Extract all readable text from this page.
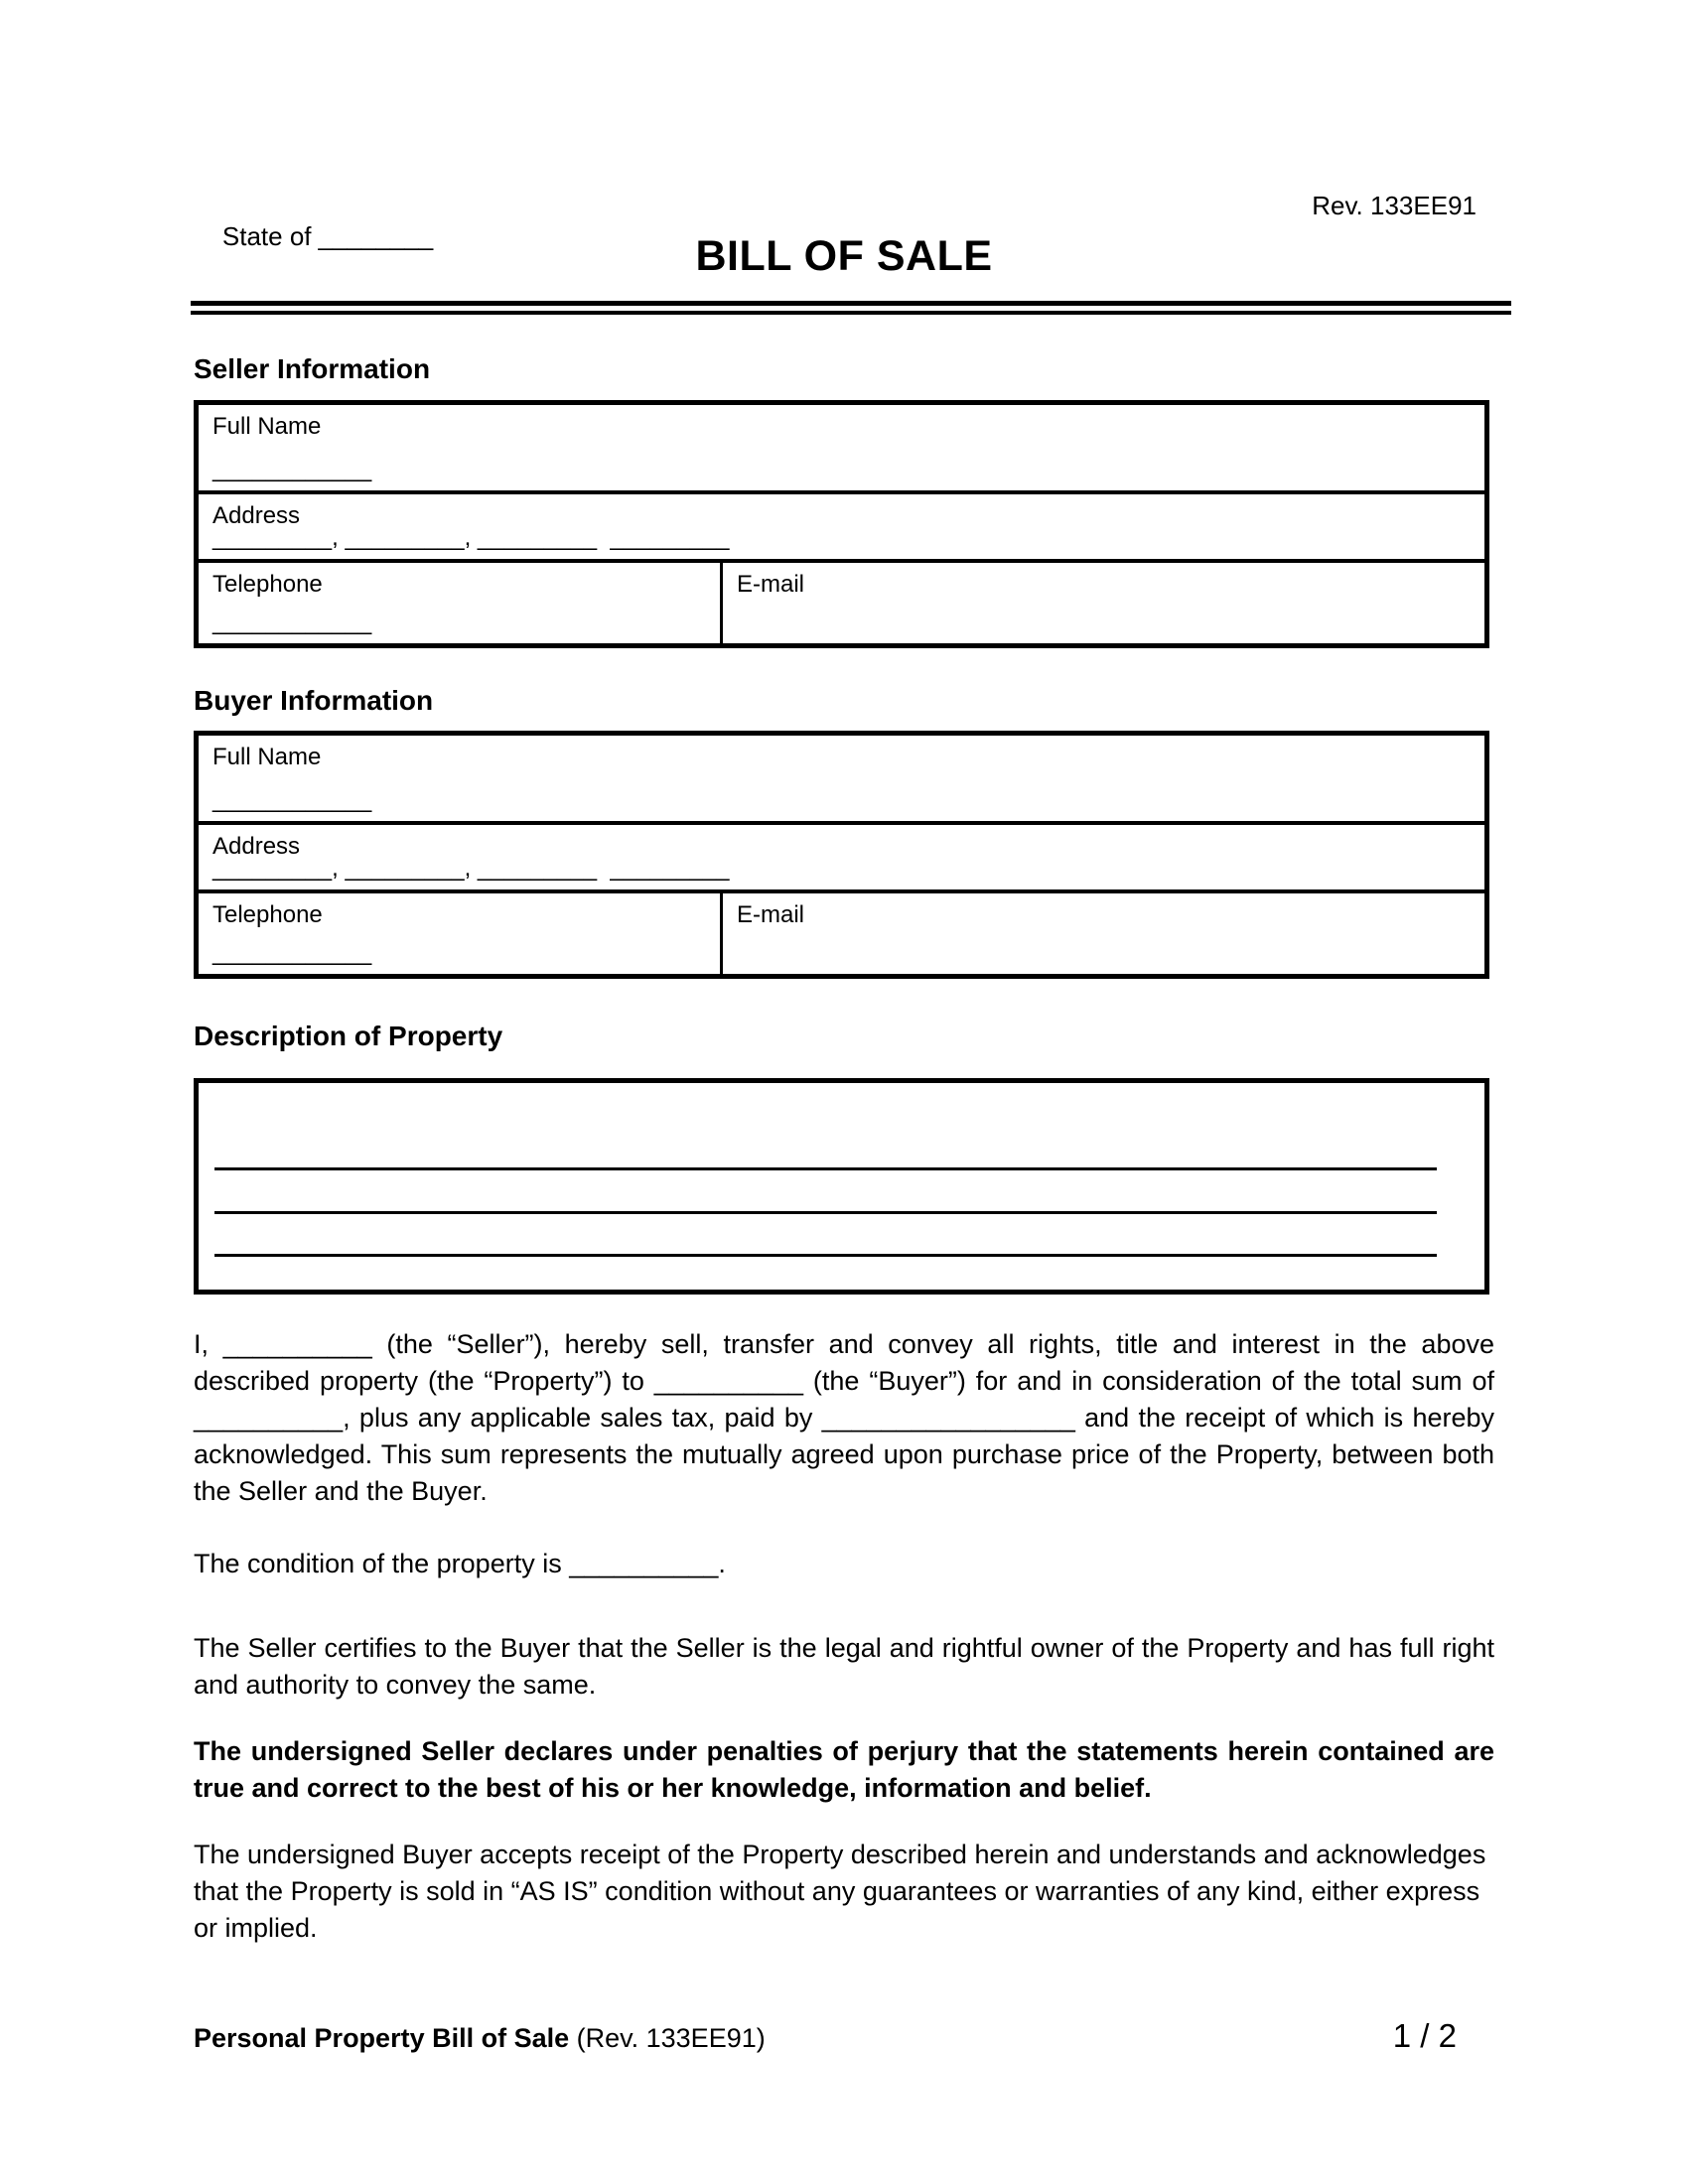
State of ________

Rev. 133EE91
BILL OF SALE
Seller Information
Full Name
____________
Address
_________, _________, _________  _________
Telephone
____________
E-mail
Buyer Information
Full Name
____________
Address
_________, _________, _________  _________
Telephone
____________
E-mail
Description of Property
I, __________ (the “Seller”), hereby sell, transfer and convey all rights, title and interest in the above described property (the “Property”) to __________ (the “Buyer”) for and in consideration of the total sum of __________, plus any applicable sales tax, paid by _________________ and the receipt of which is hereby acknowledged. This sum represents the mutually agreed upon purchase price of the Property, between both the Seller and the Buyer.
The condition of the property is __________.
The Seller certifies to the Buyer that the Seller is the legal and rightful owner of the Property and has full right and authority to convey the same.
The undersigned Seller declares under penalties of perjury that the statements herein contained are true and correct to the best of his or her knowledge, information and belief.
The undersigned Buyer accepts receipt of the Property described herein and understands and acknowledges that the Property is sold in “AS IS” condition without any guarantees or warranties of any kind, either express or implied.
Personal Property Bill of Sale (Rev. 133EE91)	1 / 2
